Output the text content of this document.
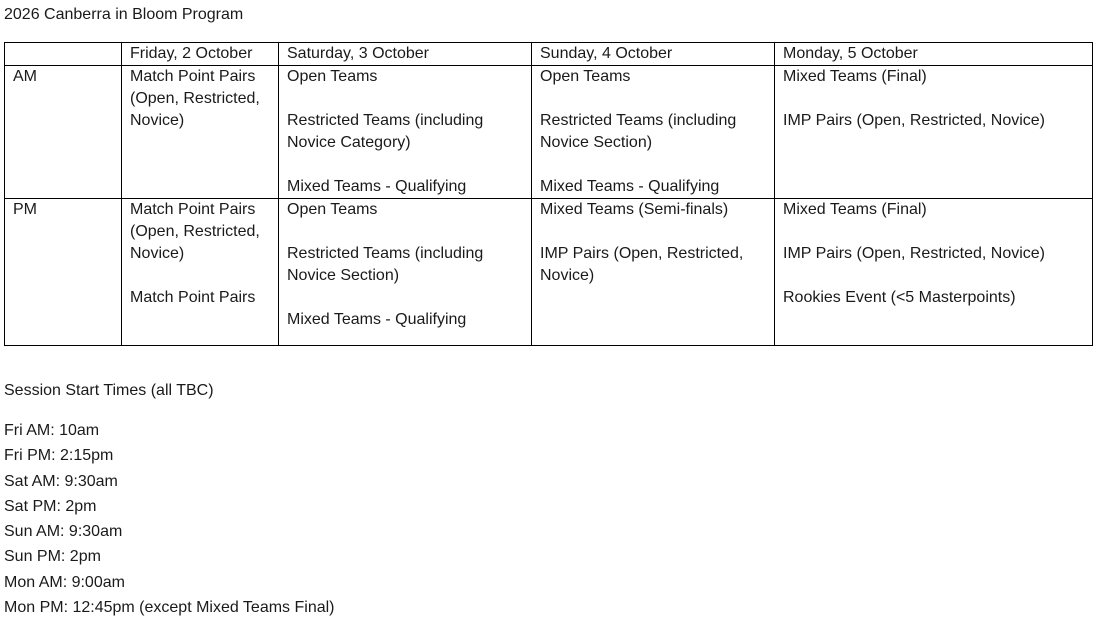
2026 Canberra in Bloom Program
	Friday, 2 October	Saturday, 3 October	Sunday, 4 October	Monday, 5 October
AM	Match Point Pairs
(Open, Restricted,
Novice)	Open Teams
Restricted Teams (including
Novice Category)
Mixed Teams - Qualifying	Open Teams
Restricted Teams (including
Novice Section)
Mixed Teams - Qualifying	Mixed Teams (Final)
IMP Pairs (Open, Restricted, Novice)

PM	Match Point Pairs
(Open, Restricted,
Novice)
Match Point Pairs	Open Teams
Restricted Teams (including
Novice Section)
Mixed Teams - Qualifying	Mixed Teams (Semi-finals)
IMP Pairs (Open, Restricted,
Novice)	Mixed Teams (Final)
IMP Pairs (Open, Restricted, Novice)
Rookies Event (<5 Masterpoints)
Session Start Times (all TBC)
Fri AM: 10am
Fri PM: 2:15pm
Sat AM: 9:30am
Sat PM: 2pm
Sun AM: 9:30am
Sun PM: 2pm
Mon AM: 9:00am
Mon PM: 12:45pm (except Mixed Teams Final)
